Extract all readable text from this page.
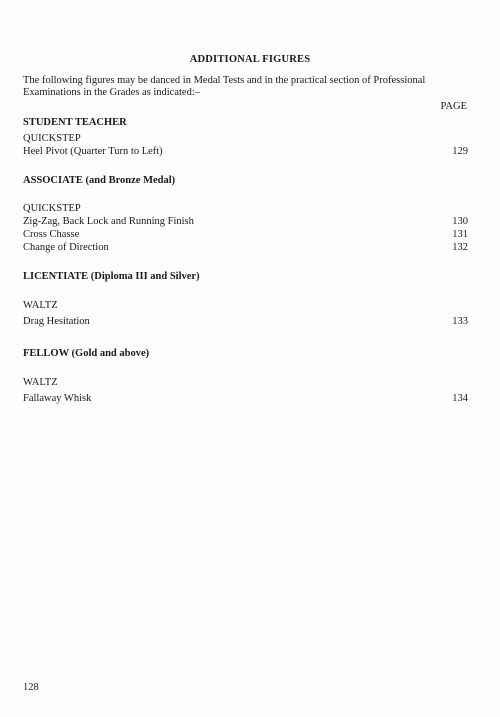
ADDITIONAL FIGURES
The following figures may be danced in Medal Tests and in the practical section of Professional
Examinations in the Grades as indicated:–
PAGE
STUDENT TEACHER
QUICKSTEP
Heel Pivot (Quarter Turn to Left)	129
ASSOCIATE (and Bronze Medal)
QUICKSTEP
Zig-Zag, Back Lock and Running Finish	130
Cross Chasse	131
Change of Direction	132
LICENTIATE (Diploma III and Silver)
WALTZ
Drag Hesitation	133
FELLOW (Gold and above)
WALTZ
Fallaway Whisk	134
128
